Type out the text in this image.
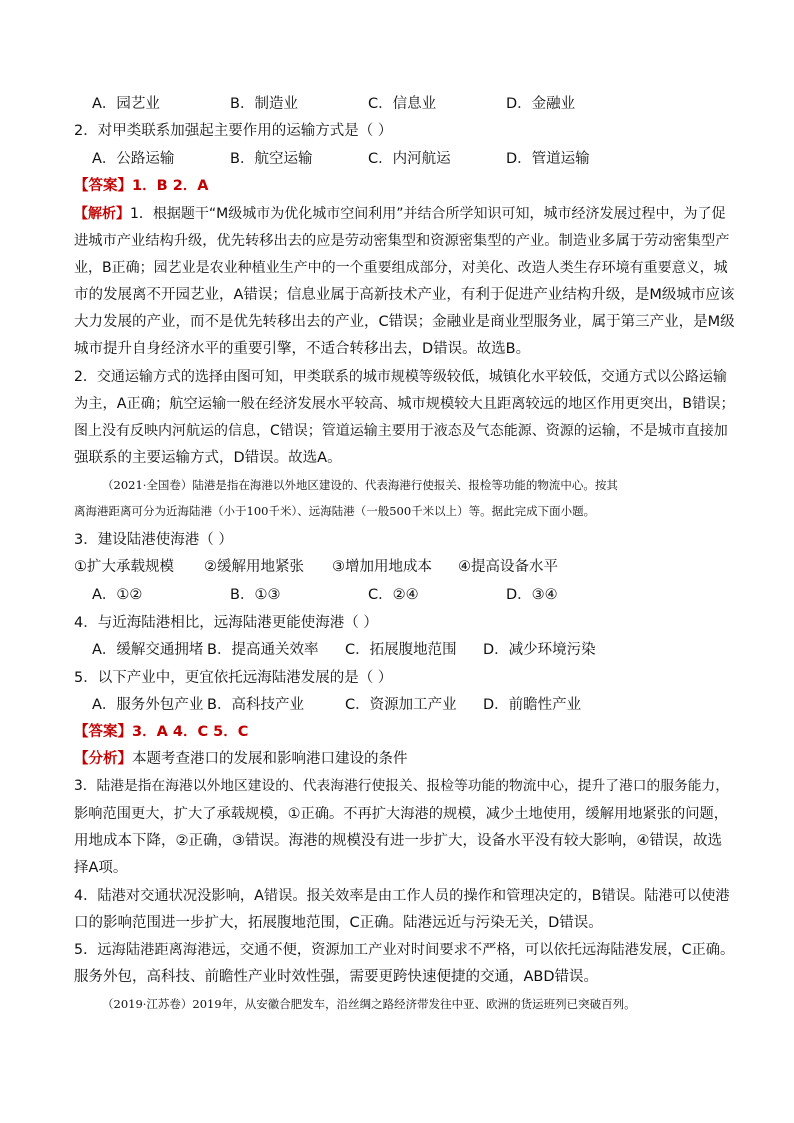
A．园艺业	B．制造业	C．信息业	D．金融业
2．对甲类联系加强起主要作用的运输方式是（ ）
A．公路运输	B．航空运输	C．内河航运	D．管道运输
【答案】1．B 2．A
【解析】1．根据题干“M级城市为优化城市空间利用”并结合所学知识可知，城市经济发展过程中，为了促
进城市产业结构升级，优先转移出去的应是劳动密集型和资源密集型的产业。制造业多属于劳动密集型产
业，B正确；园艺业是农业种植业生产中的一个重要组成部分，对美化、改造人类生存环境有重要意义，城
市的发展离不开园艺业，A错误；信息业属于高新技术产业，有利于促进产业结构升级，是M级城市应该
大力发展的产业，而不是优先转移出去的产业，C错误；金融业是商业型服务业，属于第三产业，是M级
城市提升自身经济水平的重要引擎，不适合转移出去，D错误。故选B。
2．交通运输方式的选择由图可知，甲类联系的城市规模等级较低，城镇化水平较低，交通方式以公路运输
为主，A正确；航空运输一般在经济发展水平较高、城市规模较大且距离较远的地区作用更突出，B错误；
图上没有反映内河航运的信息，C错误；管道运输主要用于液态及气态能源、资源的运输，不是城市直接加
强联系的主要运输方式，D错误。故选A。
（2021·全国卷）陆港是指在海港以外地区建设的、代表海港行使报关、报检等功能的物流中心。按其
离海港距离可分为近海陆港（小于100千米）、远海陆港（一般500千米以上）等。据此完成下面小题。
3．建设陆港使海港（ ）
①扩大承载规模 ②缓解用地紧张 ③增加用地成本 ④提高设备水平
A．①②	B．①③	C．②④	D．③④
4．与近海陆港相比，远海陆港更能使海港（ ）
A．缓解交通拥堵 B．提高通关效率 C．拓展腹地范围 D．减少环境污染
5．以下产业中，更宜依托远海陆港发展的是（ ）
A．服务外包产业 B．高科技产业	C．资源加工产业 D．前瞻性产业
【答案】3．A 4．C 5．C
【分析】本题考查港口的发展和影响港口建设的条件
3．陆港是指在海港以外地区建设的、代表海港行使报关、报检等功能的物流中心，提升了港口的服务能力，
影响范围更大，扩大了承载规模，①正确。不再扩大海港的规模，减少土地使用，缓解用地紧张的问题，
用地成本下降，②正确，③错误。海港的规模没有进一步扩大，设备水平没有较大影响，④错误，故选
择A项。
4．陆港对交通状况没影响，A错误。报关效率是由工作人员的操作和管理决定的，B错误。陆港可以使港
口的影响范围进一步扩大，拓展腹地范围，C正确。陆港远近与污染无关，D错误。
5．远海陆港距离海港远，交通不便，资源加工产业对时间要求不严格，可以依托远海陆港发展，C正确。
服务外包，高科技、前瞻性产业时效性强，需要更跨快速便捷的交通，ABD错误。
（2019·江苏卷）2019年，从安徽合肥发车，沿丝绸之路经济带发往中亚、欧洲的货运班列已突破百列。
